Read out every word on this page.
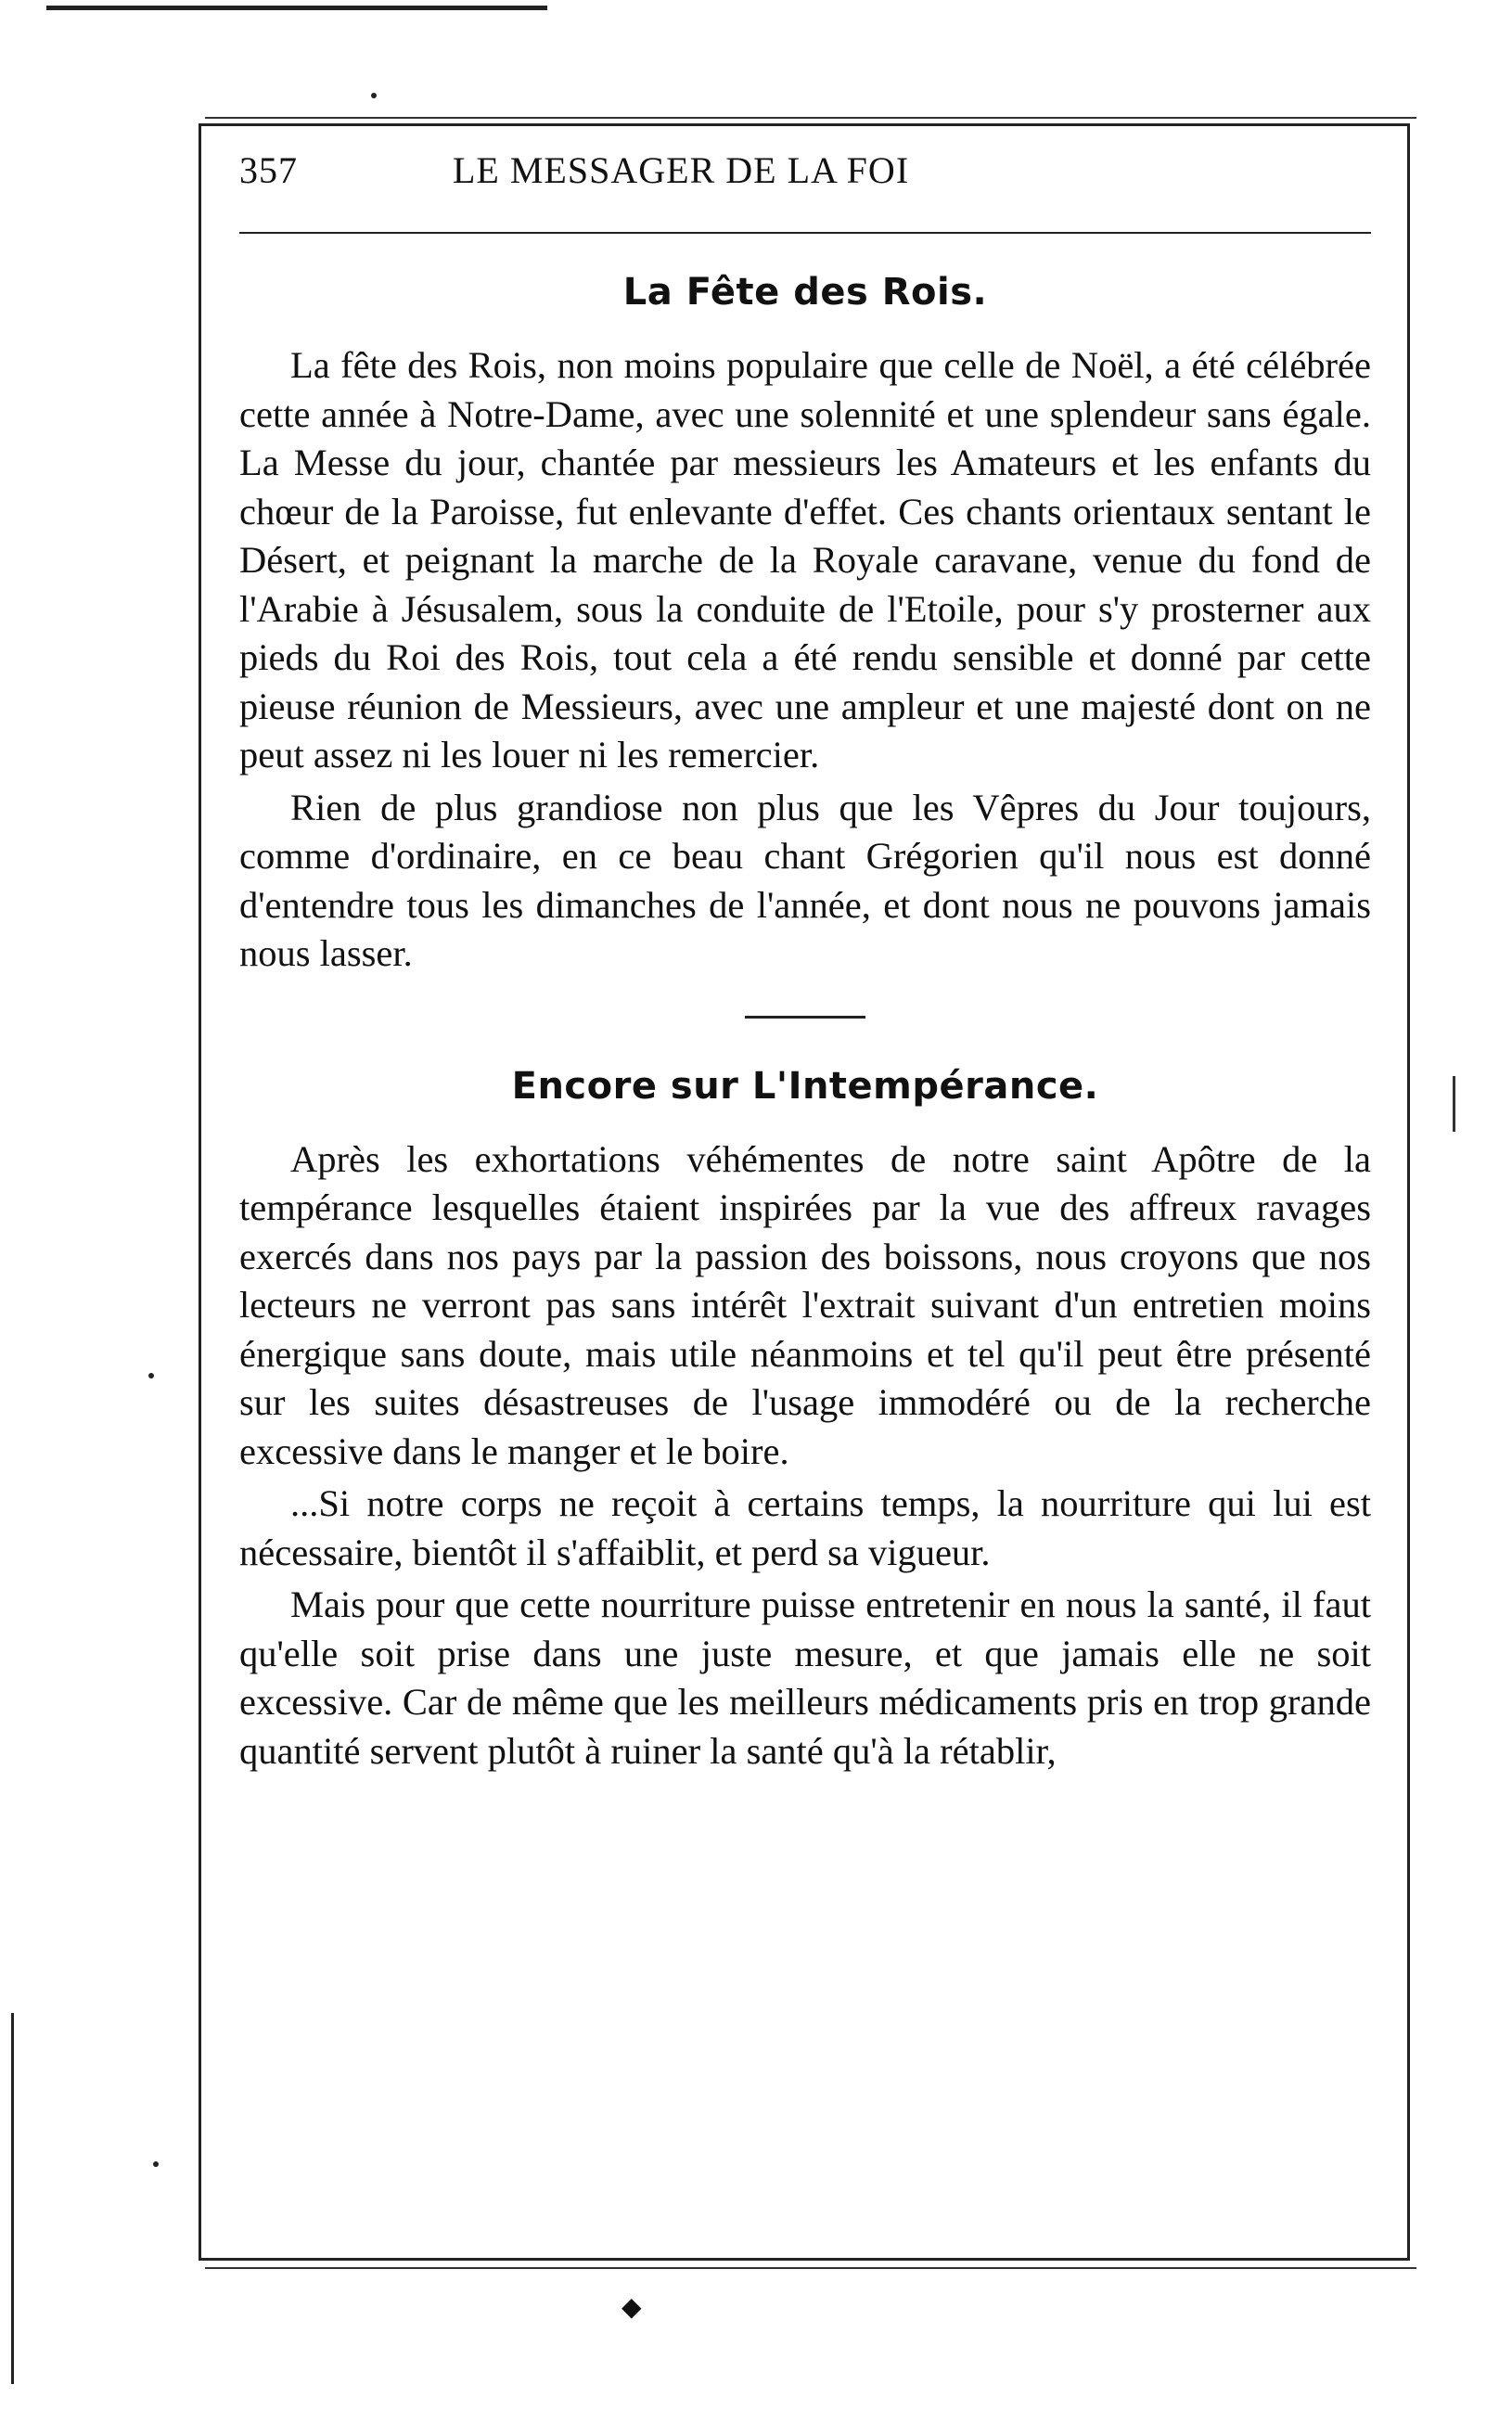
357	LE MESSAGER DE LA FOI
La Fête des Rois.

La fête des Rois, non moins populaire que celle de Noël, a été célébrée cette année à Notre-Dame, avec une solennité et une splendeur sans égale. La Messe du jour, chantée par messieurs les Amateurs et les enfants du chœur de la Paroisse, fut enlevante d'effet. Ces chants orientaux sentant le Désert, et peignant la marche de la Royale caravane, venue du fond de l'Arabie à Jésusalem, sous la conduite de l'Etoile, pour s'y prosterner aux pieds du Roi des Rois, tout cela a été rendu sensible et donné par cette pieuse réunion de Messieurs, avec une ampleur et une majesté dont on ne peut assez ni les louer ni les remercier.

Rien de plus grandiose non plus que les Vêpres du Jour toujours, comme d'ordinaire, en ce beau chant Grégorien qu'il nous est donné d'entendre tous les dimanches de l'année, et dont nous ne pouvons jamais nous lasser.

Encore sur L'Intempérance.

Après les exhortations véhémentes de notre saint Apôtre de la tempérance lesquelles étaient inspirées par la vue des affreux ravages exercés dans nos pays par la passion des boissons, nous croyons que nos lecteurs ne verront pas sans intérêt l'extrait suivant d'un entretien moins énergique sans doute, mais utile néanmoins et tel qu'il peut être présenté sur les suites désastreuses de l'usage immodéré ou de la recherche excessive dans le manger et le boire.

...Si notre corps ne reçoit à certains temps, la nourriture qui lui est nécessaire, bientôt il s'affaiblit, et perd sa vigueur.

Mais pour que cette nourriture puisse entretenir en nous la santé, il faut qu'elle soit prise dans une juste mesure, et que jamais elle ne soit excessive. Car de même que les meilleurs médicaments pris en trop grande quantité servent plutôt à ruiner la santé qu'à la rétablir,

◆
